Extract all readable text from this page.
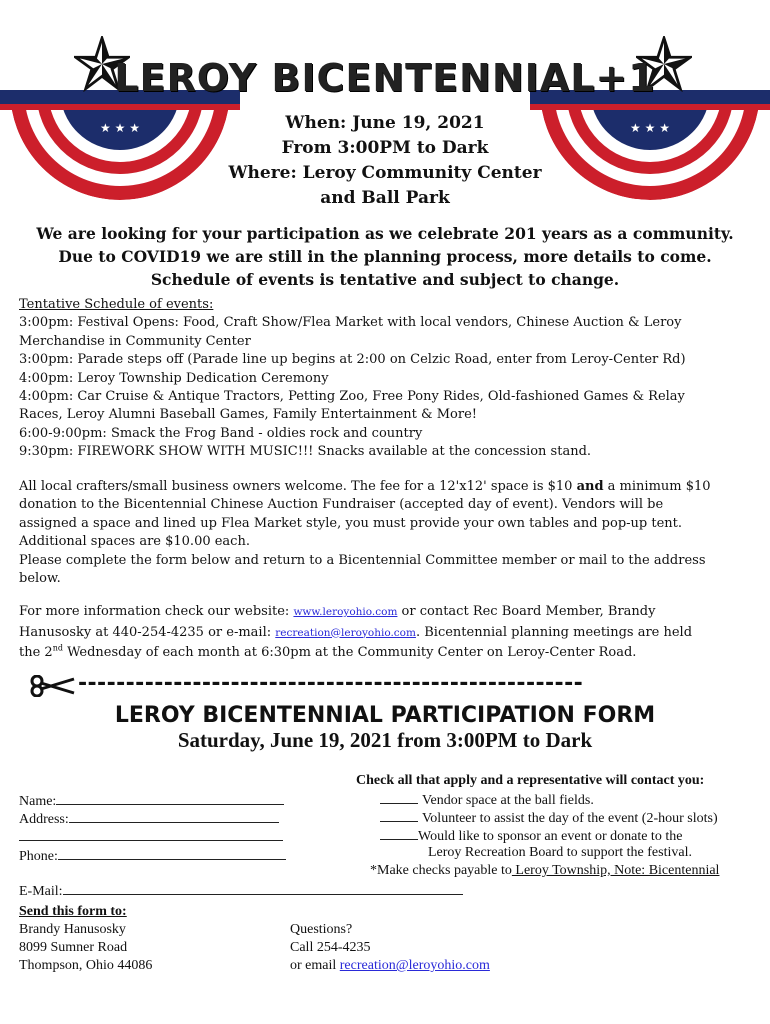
★ ★ ★	★ ★ ★
LEROY BICENTENNIAL+1
When: June 19, 2021
From 3:00PM to Dark
Where: Leroy Community Center
and Ball Park
We are looking for your participation as we celebrate 201 years as a community.
Due to COVID19 we are still in the planning process, more details to come.
Schedule of events is tentative and subject to change.
Tentative Schedule of events:
3:00pm: Festival Opens: Food, Craft Show/Flea Market with local vendors, Chinese Auction & Leroy
Merchandise in Community Center
3:00pm: Parade steps off (Parade line up begins at 2:00 on Celzic Road, enter from Leroy-Center Rd)
4:00pm: Leroy Township Dedication Ceremony
4:00pm: Car Cruise & Antique Tractors, Petting Zoo, Free Pony Rides, Old-fashioned Games & Relay
Races, Leroy Alumni Baseball Games, Family Entertainment & More!
6:00-9:00pm: Smack the Frog Band - oldies rock and country
9:30pm: FIREWORK SHOW WITH MUSIC!!! Snacks available at the concession stand.
All local crafters/small business owners welcome. The fee for a 12'x12' space is $10 and a minimum $10
donation to the Bicentennial Chinese Auction Fundraiser (accepted day of event). Vendors will be
assigned a space and lined up Flea Market style, you must provide your own tables and pop-up tent.
Additional spaces are $10.00 each.
Please complete the form below and return to a Bicentennial Committee member or mail to the address
below.
For more information check our website: www.leroyohio.com or contact Rec Board Member, Brandy
Hanusosky at 440-254-4235 or e-mail: recreation@leroyohio.com. Bicentennial planning meetings are held
the 2nd Wednesday of each month at 6:30pm at the Community Center on Leroy-Center Road.
-----------------------------------------------------
LEROY BICENTENNIAL PARTICIPATION FORM
Saturday, June 19, 2021 from 3:00PM to Dark
Check all that apply and a representative will contact you:
Name:
Address:
Phone:
E-Mail:
Vendor space at the ball fields.
Volunteer to assist the day of the event (2-hour slots)
Would like to sponsor an event or donate to the
Leroy Recreation Board to support the festival.
*Make checks payable to Leroy Township, Note: Bicentennial
Send this form to:
Brandy Hanusosky
8099 Sumner Road
Thompson, Ohio 44086
Questions?
Call 254-4235
or email recreation@leroyohio.com
